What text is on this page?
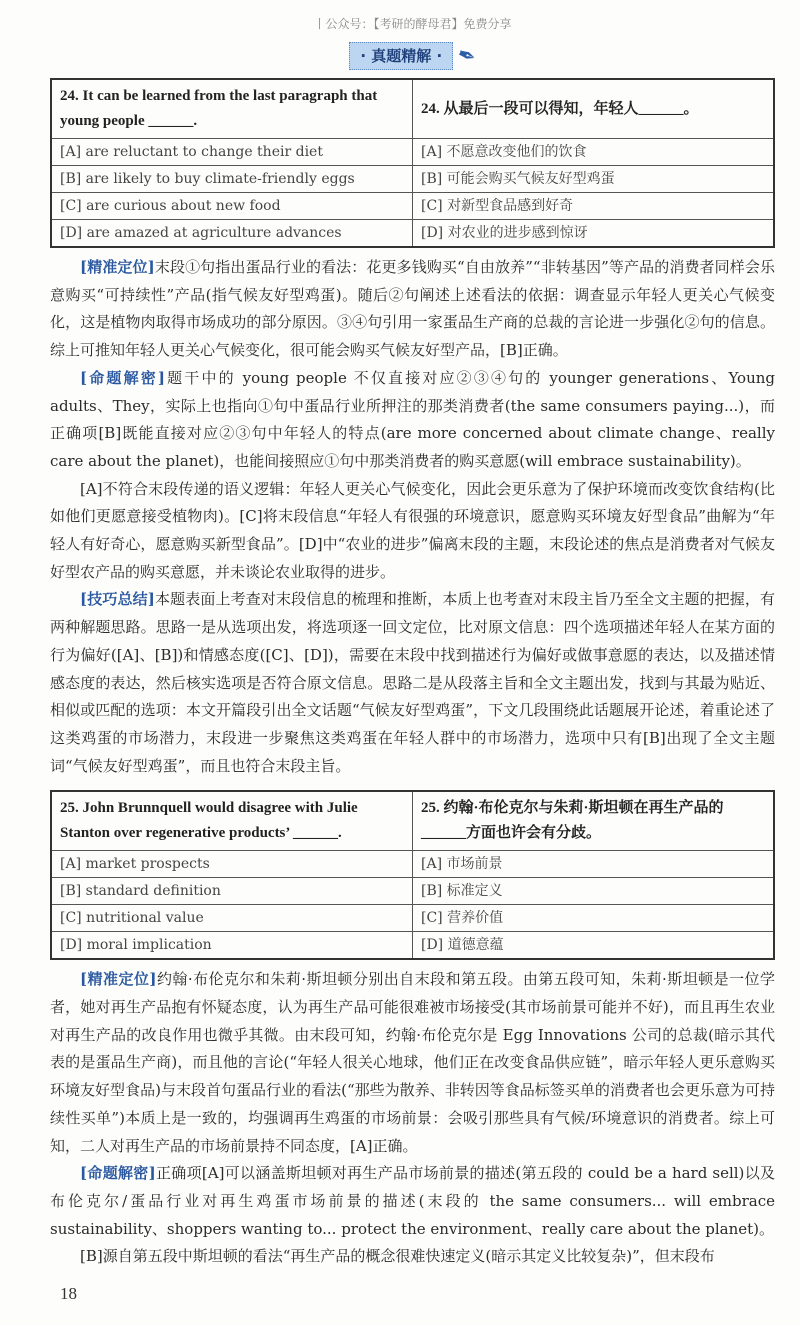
丨公众号：【考研的酵母君】免费分享
· 真题精解 · ✒
24. It can be learned from the last paragraph that young people ______.	24. 从最后一段可以得知，年轻人______。
[A] are reluctant to change their diet	[A] 不愿意改变他们的饮食
[B] are likely to buy climate-friendly eggs	[B] 可能会购买气候友好型鸡蛋
[C] are curious about new food	[C] 对新型食品感到好奇
[D] are amazed at agriculture advances	[D] 对农业的进步感到惊讶

[精准定位]末段①句指出蛋品行业的看法：花更多钱购买“自由放养”“非转基因”等产品的消费者同样会乐意购买“可持续性”产品(指气候友好型鸡蛋)。随后②句阐述上述看法的依据：调查显示年轻人更关心气候变化，这是植物肉取得市场成功的部分原因。③④句引用一家蛋品生产商的总裁的言论进一步强化②句的信息。综上可推知年轻人更关心气候变化，很可能会购买气候友好型产品，[B]正确。

[命题解密]题干中的 young people 不仅直接对应②③④句的 younger generations、Young adults、They，实际上也指向①句中蛋品行业所押注的那类消费者(the same consumers paying...)，而正确项[B]既能直接对应②③句中年轻人的特点(are more concerned about climate change、really care about the planet)，也能间接照应①句中那类消费者的购买意愿(will embrace sustainability)。

[A]不符合末段传递的语义逻辑：年轻人更关心气候变化，因此会更乐意为了保护环境而改变饮食结构(比如他们更愿意接受植物肉)。[C]将末段信息“年轻人有很强的环境意识，愿意购买环境友好型食品”曲解为“年轻人有好奇心，愿意购买新型食品”。[D]中“农业的进步”偏离末段的主题，末段论述的焦点是消费者对气候友好型农产品的购买意愿，并未谈论农业取得的进步。

[技巧总结]本题表面上考查对末段信息的梳理和推断，本质上也考查对末段主旨乃至全文主题的把握，有两种解题思路。思路一是从选项出发，将选项逐一回文定位，比对原文信息：四个选项描述年轻人在某方面的行为偏好([A]、[B])和情感态度([C]、[D])，需要在末段中找到描述行为偏好或做事意愿的表达，以及描述情感态度的表达，然后核实选项是否符合原文信息。思路二是从段落主旨和全文主题出发，找到与其最为贴近、相似或匹配的选项：本文开篇段引出全文话题“气候友好型鸡蛋”，下文几段围绕此话题展开论述，着重论述了这类鸡蛋的市场潜力，末段进一步聚焦这类鸡蛋在年轻人群中的市场潜力，选项中只有[B]出现了全文主题词“气候友好型鸡蛋”，而且也符合末段主旨。

25. John Brunnquell would disagree with Julie Stanton over regenerative products’ ______.	25. 约翰·布伦克尔与朱莉·斯坦顿在再生产品的______方面也许会有分歧。
[A] market prospects	[A] 市场前景
[B] standard definition	[B] 标准定义
[C] nutritional value	[C] 营养价值
[D] moral implication	[D] 道德意蕴

[精准定位]约翰·布伦克尔和朱莉·斯坦顿分别出自末段和第五段。由第五段可知，朱莉·斯坦顿是一位学者，她对再生产品抱有怀疑态度，认为再生产品可能很难被市场接受(其市场前景可能并不好)，而且再生农业对再生产品的改良作用也微乎其微。由末段可知，约翰·布伦克尔是 Egg Innovations 公司的总裁(暗示其代表的是蛋品生产商)，而且他的言论(“年轻人很关心地球，他们正在改变食品供应链”，暗示年轻人更乐意购买环境友好型食品)与末段首句蛋品行业的看法(“那些为散养、非转因等食品标签买单的消费者也会更乐意为可持续性买单”)本质上是一致的，均强调再生鸡蛋的市场前景：会吸引那些具有气候/环境意识的消费者。综上可知，二人对再生产品的市场前景持不同态度，[A]正确。

[命题解密]正确项[A]可以涵盖斯坦顿对再生产品市场前景的描述(第五段的 could be a hard sell)以及布伦克尔/蛋品行业对再生鸡蛋市场前景的描述(末段的 the same consumers... will embrace sustainability、shoppers wanting to... protect the environment、really care about the planet)。

[B]源自第五段中斯坦顿的看法“再生产品的概念很难快速定义(暗示其定义比较复杂)”，但末段布

18
